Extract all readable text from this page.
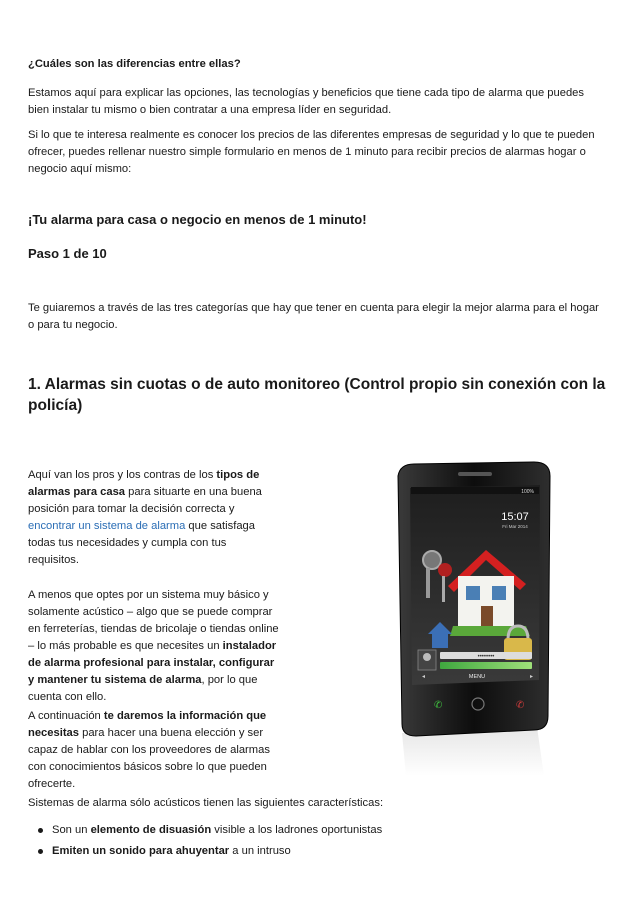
¿Cuáles son las diferencias entre ellas?

Estamos aquí para explicar las opciones, las tecnologías y beneficios que tiene cada tipo de alarma que puedes bien instalar tu mismo o bien contratar a una empresa líder en seguridad.

Si lo que te interesa realmente es conocer los precios de las diferentes empresas de seguridad y lo que te pueden ofrecer, puedes rellenar nuestro simple formulario en menos de 1 minuto para recibir precios de alarmas hogar o negocio aquí mismo:

¡Tu alarma para casa o negocio en menos de 1 minuto!
Paso 1 de 10

Te guiaremos a través de las tres categorías que hay que tener en cuenta para elegir la mejor alarma para el hogar o para tu negocio.

1. Alarmas sin cuotas o de auto monitoreo (Control propio sin conexión con la policía)

Aquí van los pros y los contras de los tipos de alarmas para casa para situarte en una buena posición para tomar la decisión correcta y encontrar un sistema de alarma que satisfaga todas tus necesidades y cumpla con tus requisitos.

A menos que optes por un sistema muy básico y solamente acústico – algo que se puede comprar en ferreterías, tiendas de bricolaje o tiendas online – lo más probable es que necesites un instalador de alarma profesional para instalar, configurar y mantener tu sistema de alarma, por lo que cuenta con ello.

A continuación te daremos la información que necesitas para hacer una buena elección y ser capaz de hablar con los proveedores de alarmas con conocimientos básicos sobre lo que pueden ofrecerte.

Sistemas de alarma sólo acústicos tienen las siguientes características:

Son un elemento de disuasión visible a los ladrones oportunistas
Emiten un sonido para ahuyentar a un intruso
100%
15:07
Fri Mar 2014
••••••••
MENU
◂	▸
✆	✆
